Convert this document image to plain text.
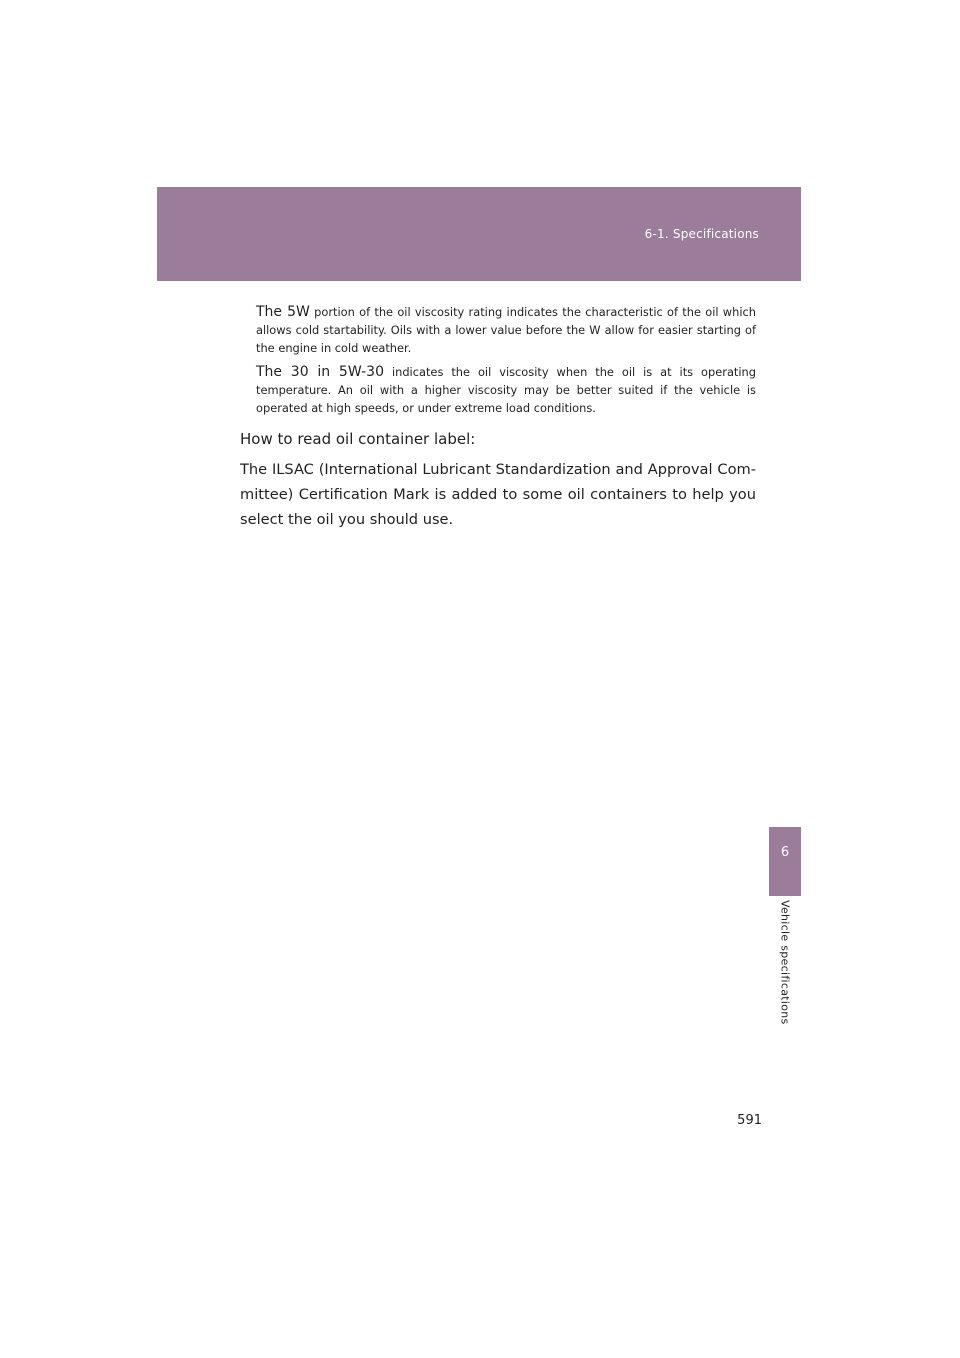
6-1. Specifications
6
Vehicle specifications

The 5W portion of the oil viscosity rating indicates the characteristic of the oil which allows cold startability. Oils with a lower value before the W allow for easier starting of the engine in cold weather.

The 30 in 5W-30 indicates the oil viscosity when the oil is at its operating temperature. An oil with a higher viscosity may be better suited if the vehicle is operated at high speeds, or under extreme load conditions.

How to read oil container label:

The ILSAC (International Lubricant Standardization and Approval Com-mittee) Certification Mark is added to some oil containers to help you select the oil you should use.

591
